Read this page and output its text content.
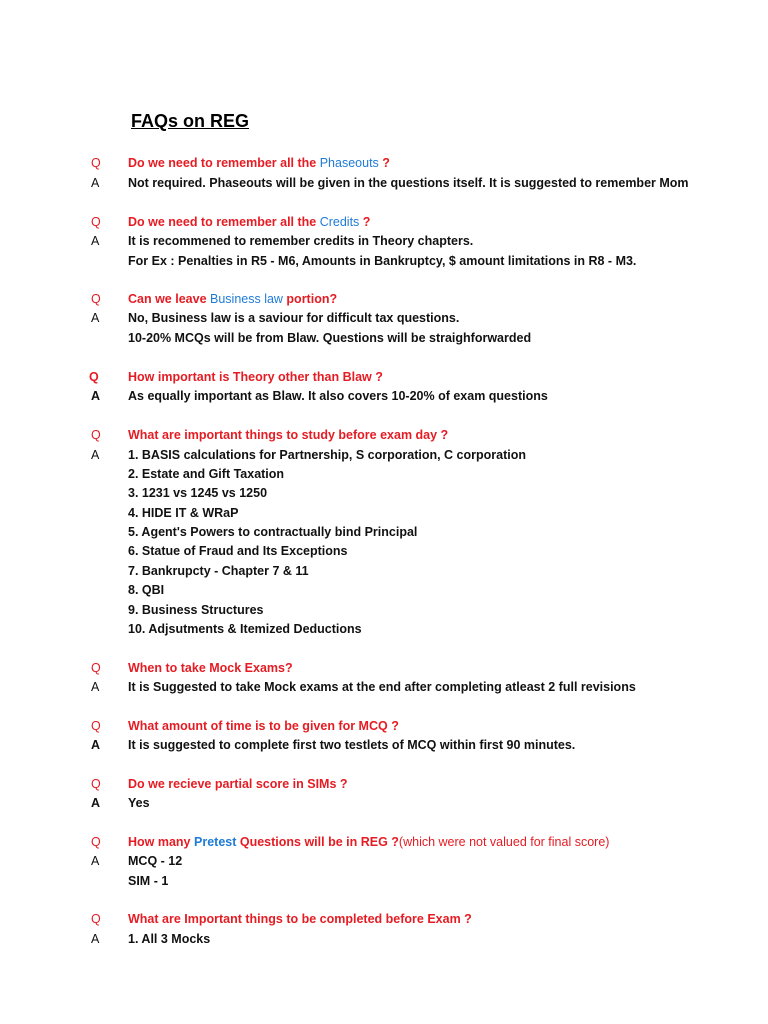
FAQs on REG
Q	Do we need to remember all the Phaseouts ?
A	Not required. Phaseouts will be given in the questions itself. It is suggested to remember Mom
Q	Do we need to remember all the Credits ?
A	It is recommened to remember credits in Theory chapters.
For Ex : Penalties in R5 - M6, Amounts in Bankruptcy, $ amount limitations in R8 - M3.
Q	Can we leave Business law portion?
A	No, Business law is a saviour for difficult tax questions.
10-20% MCQs will be from Blaw. Questions will be straighforwarded
Q	How important is Theory other than Blaw ?
A	As equally important as Blaw. It also covers 10-20% of exam questions
Q	What are important things to study before exam day ?
A	1. BASIS calculations for Partnership, S corporation, C corporation
2. Estate and Gift Taxation
3. 1231 vs 1245 vs 1250
4. HIDE IT & WRaP
5. Agent's Powers to contractually bind Principal
6. Statue of Fraud and Its Exceptions
7. Bankrupcty - Chapter 7 & 11
8. QBI
9. Business Structures
10. Adjsutments & Itemized Deductions
Q	When to take Mock Exams?
A	It is Suggested to take Mock exams at the end after completing atleast 2 full revisions
Q	What amount of time is to be given for MCQ ?
A	It is suggested to complete first two testlets of MCQ within first 90 minutes.
Q	Do we recieve partial score in SIMs ?
A	Yes
Q	How many Pretest Questions will be in REG ?(which were not valued for final score)
A	MCQ - 12
SIM - 1
Q	What are Important things to be completed before Exam ?
A	1. All 3 Mocks
